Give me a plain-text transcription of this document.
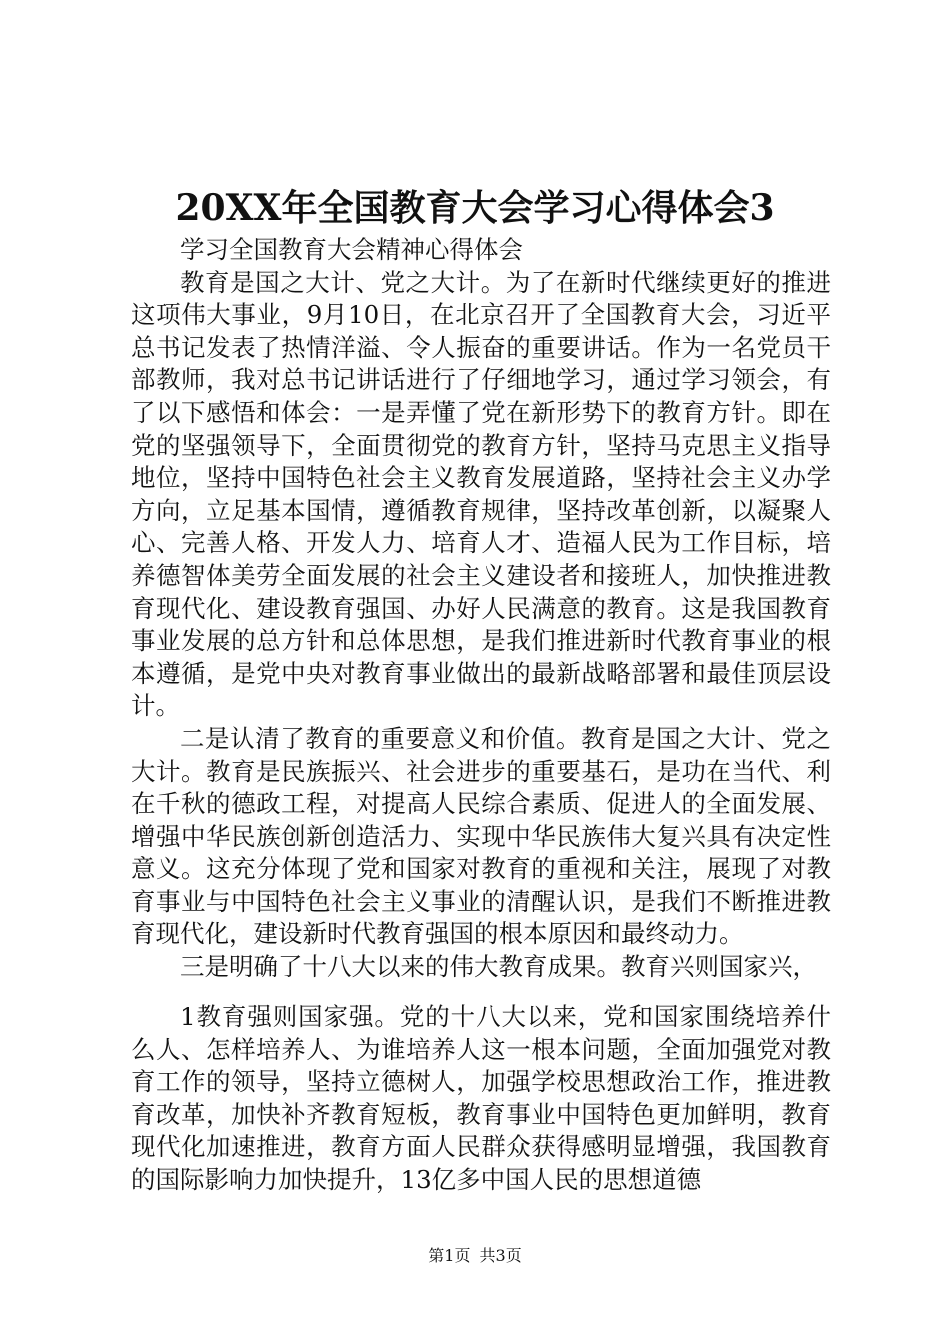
20XX年全国教育大会学习心得体会3

学习全国教育大会精神心得体会

教育是国之大计、党之大计。为了在新时代继续更好的推进这项伟大事业，9月10日，在北京召开了全国教育大会，习近平总书记发表了热情洋溢、令人振奋的重要讲话。作为一名党员干部教师，我对总书记讲话进行了仔细地学习，通过学习领会，有了以下感悟和体会：一是弄懂了党在新形势下的教育方针。即在党的坚强领导下，全面贯彻党的教育方针，坚持马克思主义指导地位，坚持中国特色社会主义教育发展道路，坚持社会主义办学方向，立足基本国情，遵循教育规律，坚持改革创新，以凝聚人心、完善人格、开发人力、培育人才、造福人民为工作目标，培养德智体美劳全面发展的社会主义建设者和接班人，加快推进教育现代化、建设教育强国、办好人民满意的教育。这是我国教育事业发展的总方针和总体思想，是我们推进新时代教育事业的根本遵循，是党中央对教育事业做出的最新战略部署和最佳顶层设计。

二是认清了教育的重要意义和价值。教育是国之大计、党之大计。教育是民族振兴、社会进步的重要基石，是功在当代、利在千秋的德政工程，对提高人民综合素质、促进人的全面发展、增强中华民族创新创造活力、实现中华民族伟大复兴具有决定性意义。这充分体现了党和国家对教育的重视和关注，展现了对教育事业与中国特色社会主义事业的清醒认识，是我们不断推进教育现代化，建设新时代教育强国的根本原因和最终动力。

三是明确了十八大以来的伟大教育成果。教育兴则国家兴，

1教育强则国家强。党的十八大以来，党和国家围绕培养什么人、怎样培养人、为谁培养人这一根本问题，全面加强党对教育工作的领导，坚持立德树人，加强学校思想政治工作，推进教育改革，加快补齐教育短板，教育事业中国特色更加鲜明，教育现代化加速推进，教育方面人民群众获得感明显增强，我国教育的国际影响力加快提升，13亿多中国人民的思想道德

第1页 共3页
